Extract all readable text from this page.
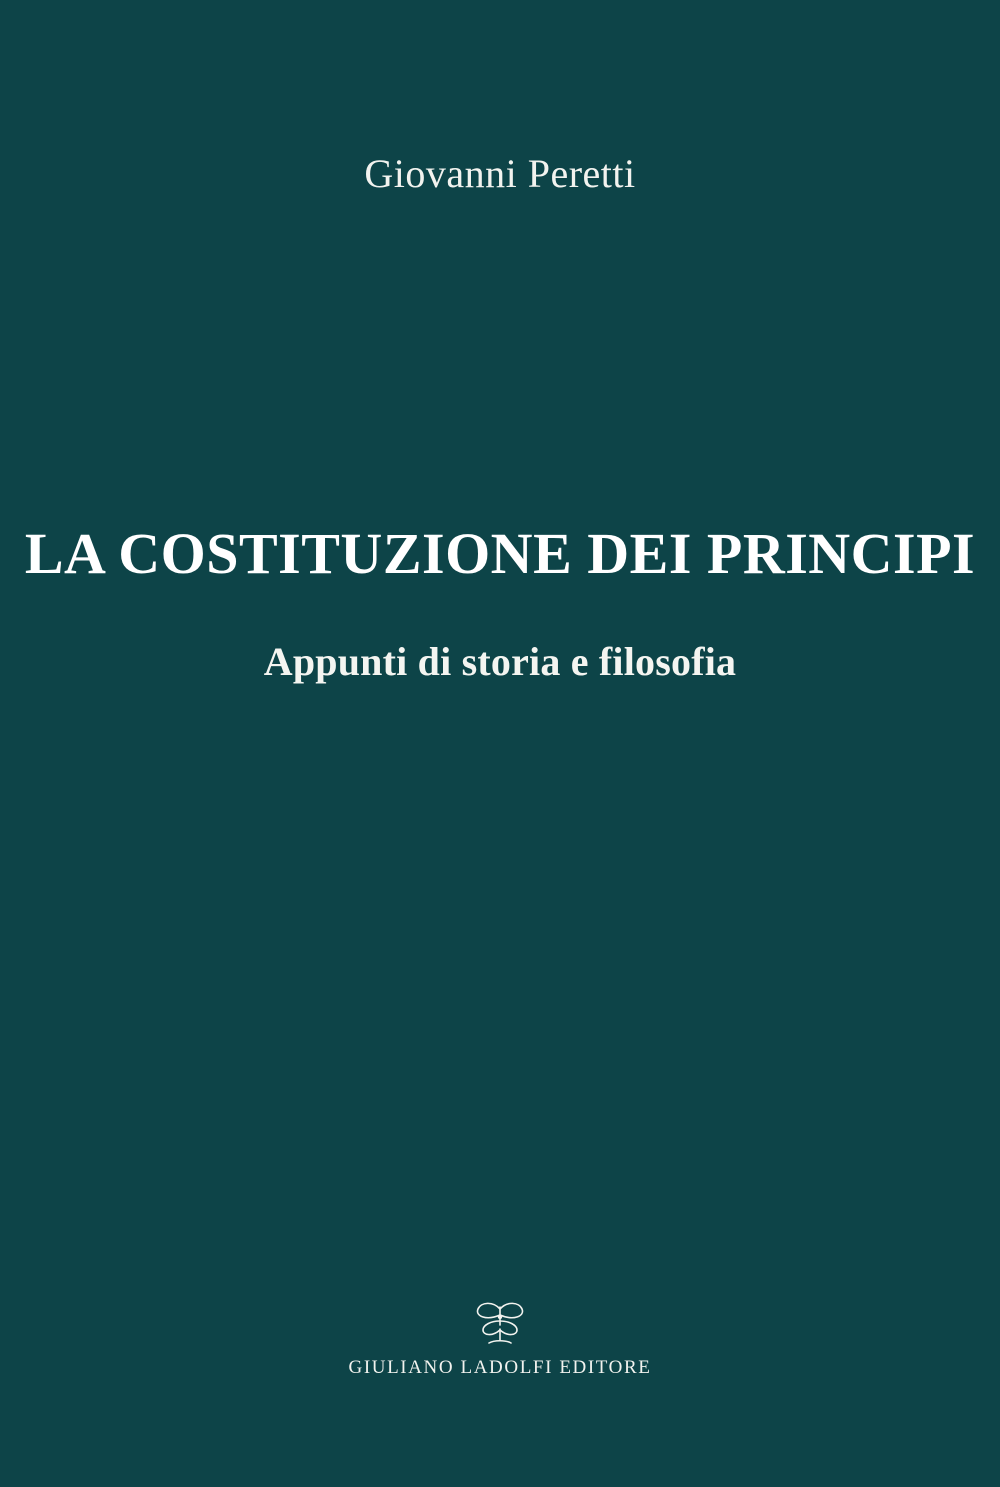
Giovanni Peretti
LA COSTITUZIONE DEI PRINCIPI
Appunti di storia e filosofia
GIULIANO LADOLFI EDITORE
